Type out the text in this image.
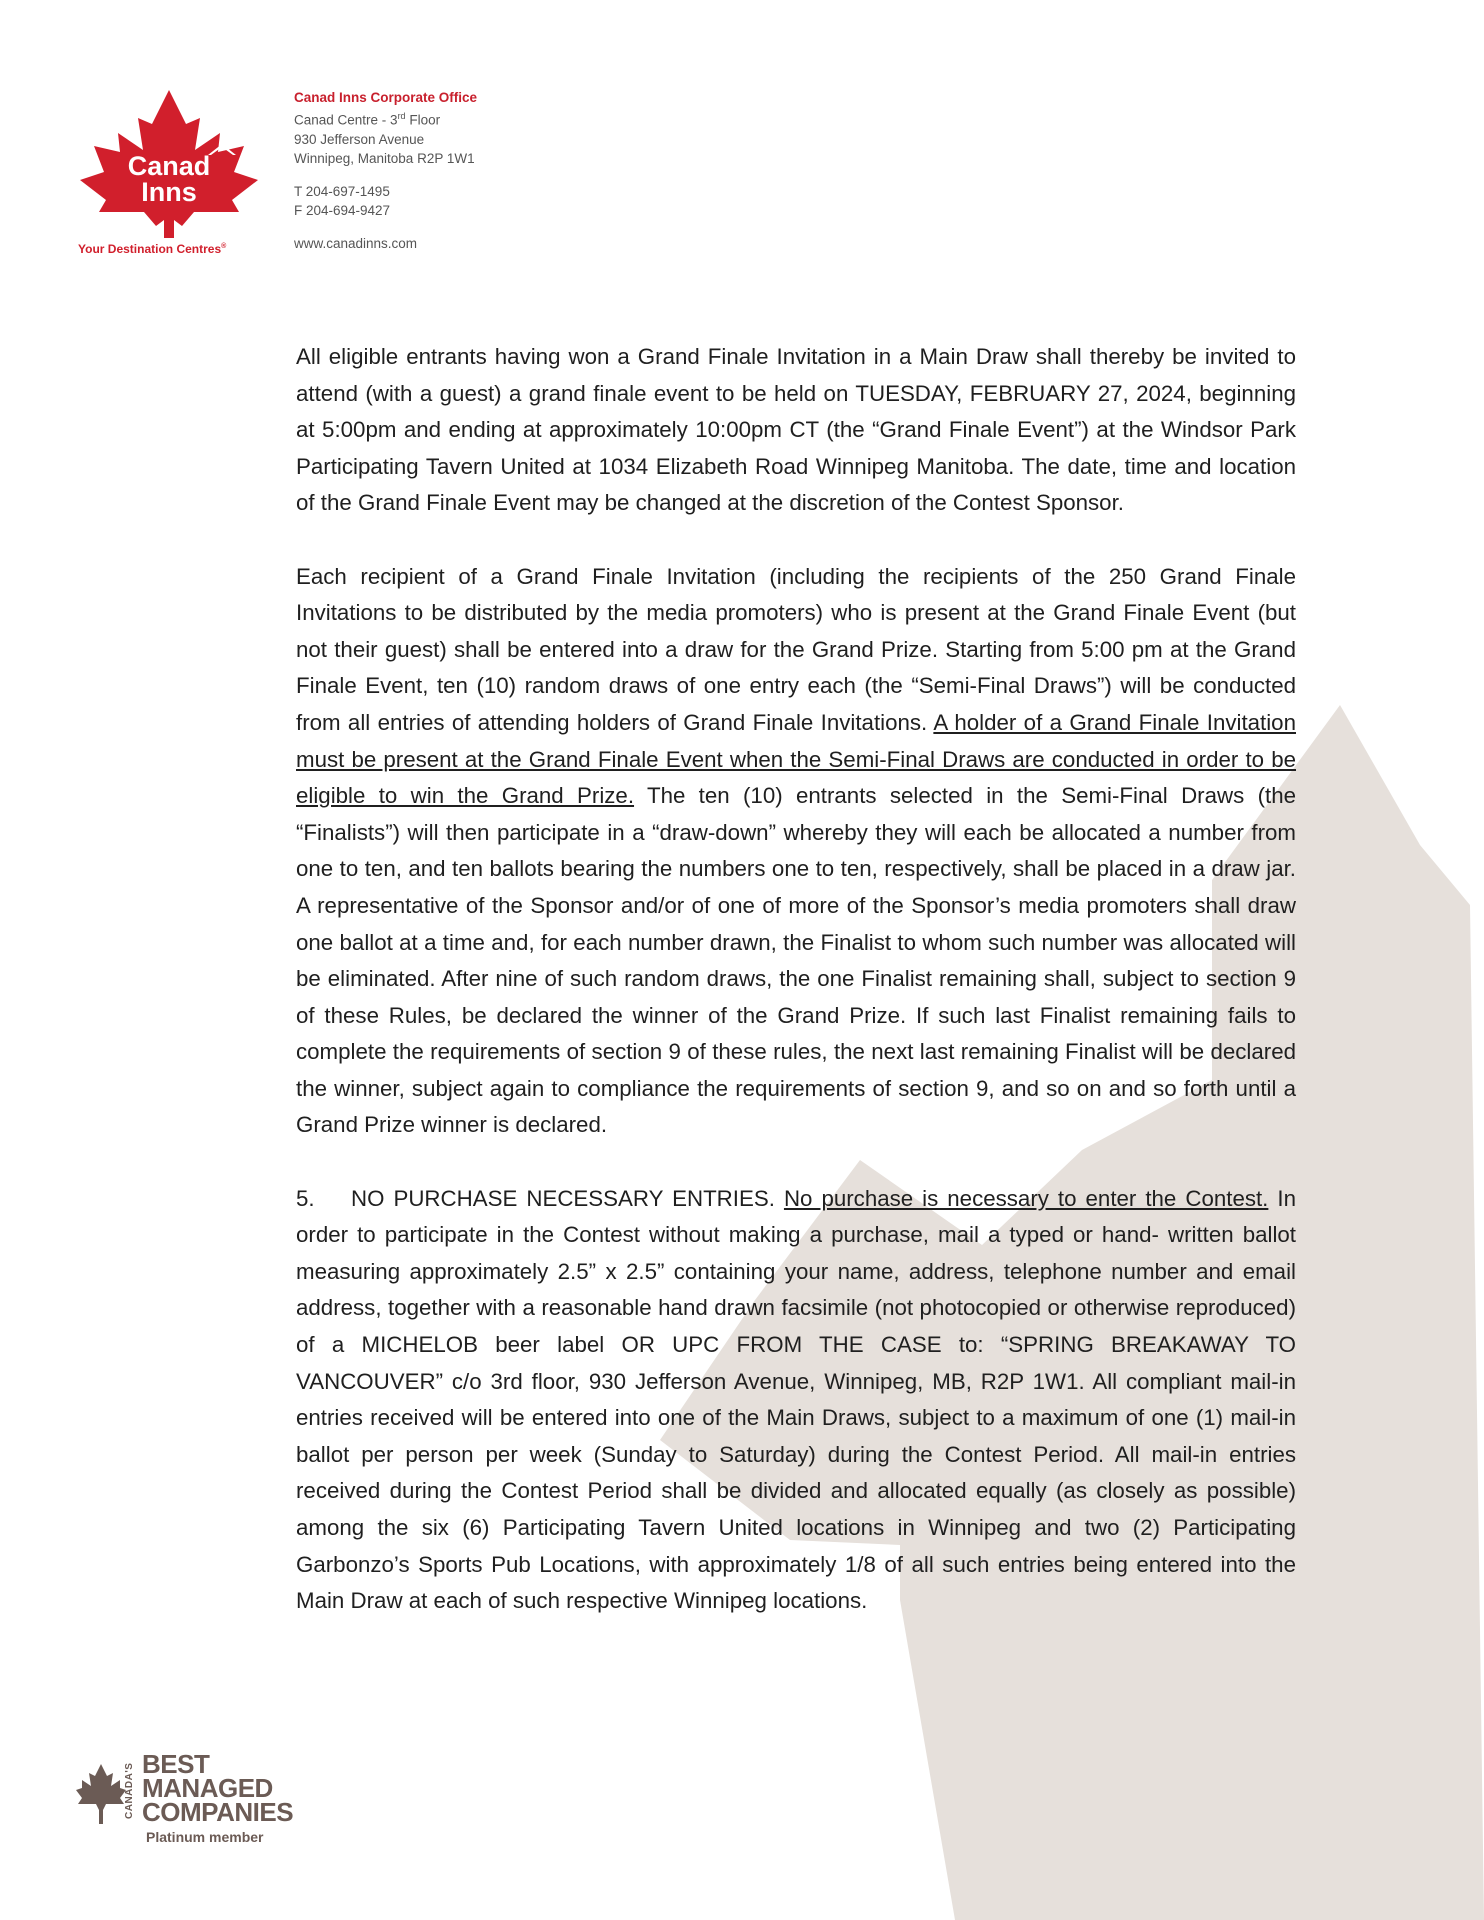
Canad
Inns
Your Destination Centres®
Canad Inns Corporate Office
Canad Centre - 3rd Floor
930 Jefferson Avenue
Winnipeg, Manitoba R2P 1W1
T 204-697-1495
F 204-694-9427
www.canadinns.com

All eligible entrants having won a Grand Finale Invitation in a Main Draw shall thereby be invited to attend (with a guest) a grand finale event to be held on TUESDAY, FEBRUARY 27, 2024, beginning at 5:00pm and ending at approximately 10:00pm CT (the “Grand Finale Event”) at the Windsor Park Participating Tavern United at 1034 Elizabeth Road Winnipeg Manitoba. The date, time and location of the Grand Finale Event may be changed at the discretion of the Contest Sponsor.

Each recipient of a Grand Finale Invitation (including the recipients of the 250 Grand Finale Invitations to be distributed by the media promoters) who is present at the Grand Finale Event (but not their guest) shall be entered into a draw for the Grand Prize. Starting from 5:00 pm at the Grand Finale Event, ten (10) random draws of one entry each (the “Semi-Final Draws”) will be conducted from all entries of attending holders of Grand Finale Invitations. A holder of a Grand Finale Invitation must be present at the Grand Finale Event when the Semi-Final Draws are conducted in order to be eligible to win the Grand Prize. The ten (10) entrants selected in the Semi-Final Draws (the “Finalists”) will then participate in a “draw-down” whereby they will each be allocated a number from one to ten, and ten ballots bearing the numbers one to ten, respectively, shall be placed in a draw jar. A representative of the Sponsor and/or of one of more of the Sponsor’s media promoters shall draw one ballot at a time and, for each number drawn, the Finalist to whom such number was allocated will be eliminated. After nine of such random draws, the one Finalist remaining shall, subject to section 9 of these Rules, be declared the winner of the Grand Prize. If such last Finalist remaining fails to complete the requirements of section 9 of these rules, the next last remaining Finalist will be declared the winner, subject again to compliance the requirements of section 9, and so on and so forth until a Grand Prize winner is declared.

5. NO PURCHASE NECESSARY ENTRIES. No purchase is necessary to enter the Contest. In order to participate in the Contest without making a purchase, mail a typed or hand- written ballot measuring approximately 2.5” x 2.5” containing your name, address, telephone number and email address, together with a reasonable hand drawn facsimile (not photocopied or otherwise reproduced) of a MICHELOB beer label OR UPC FROM THE CASE to: “SPRING BREAKAWAY TO VANCOUVER” c/o 3rd floor, 930 Jefferson Avenue, Winnipeg, MB, R2P 1W1. All compliant mail-in entries received will be entered into one of the Main Draws, subject to a maximum of one (1) mail-in ballot per person per week (Sunday to Saturday) during the Contest Period. All mail-in entries received during the Contest Period shall be divided and allocated equally (as closely as possible) among the six (6) Participating Tavern United locations in Winnipeg and two (2) Participating Garbonzo’s Sports Pub Locations, with approximately 1/8 of all such entries being entered into the Main Draw at each of such respective Winnipeg locations.

CANADA'S BEST
MANAGED
COMPANIES
Platinum member
